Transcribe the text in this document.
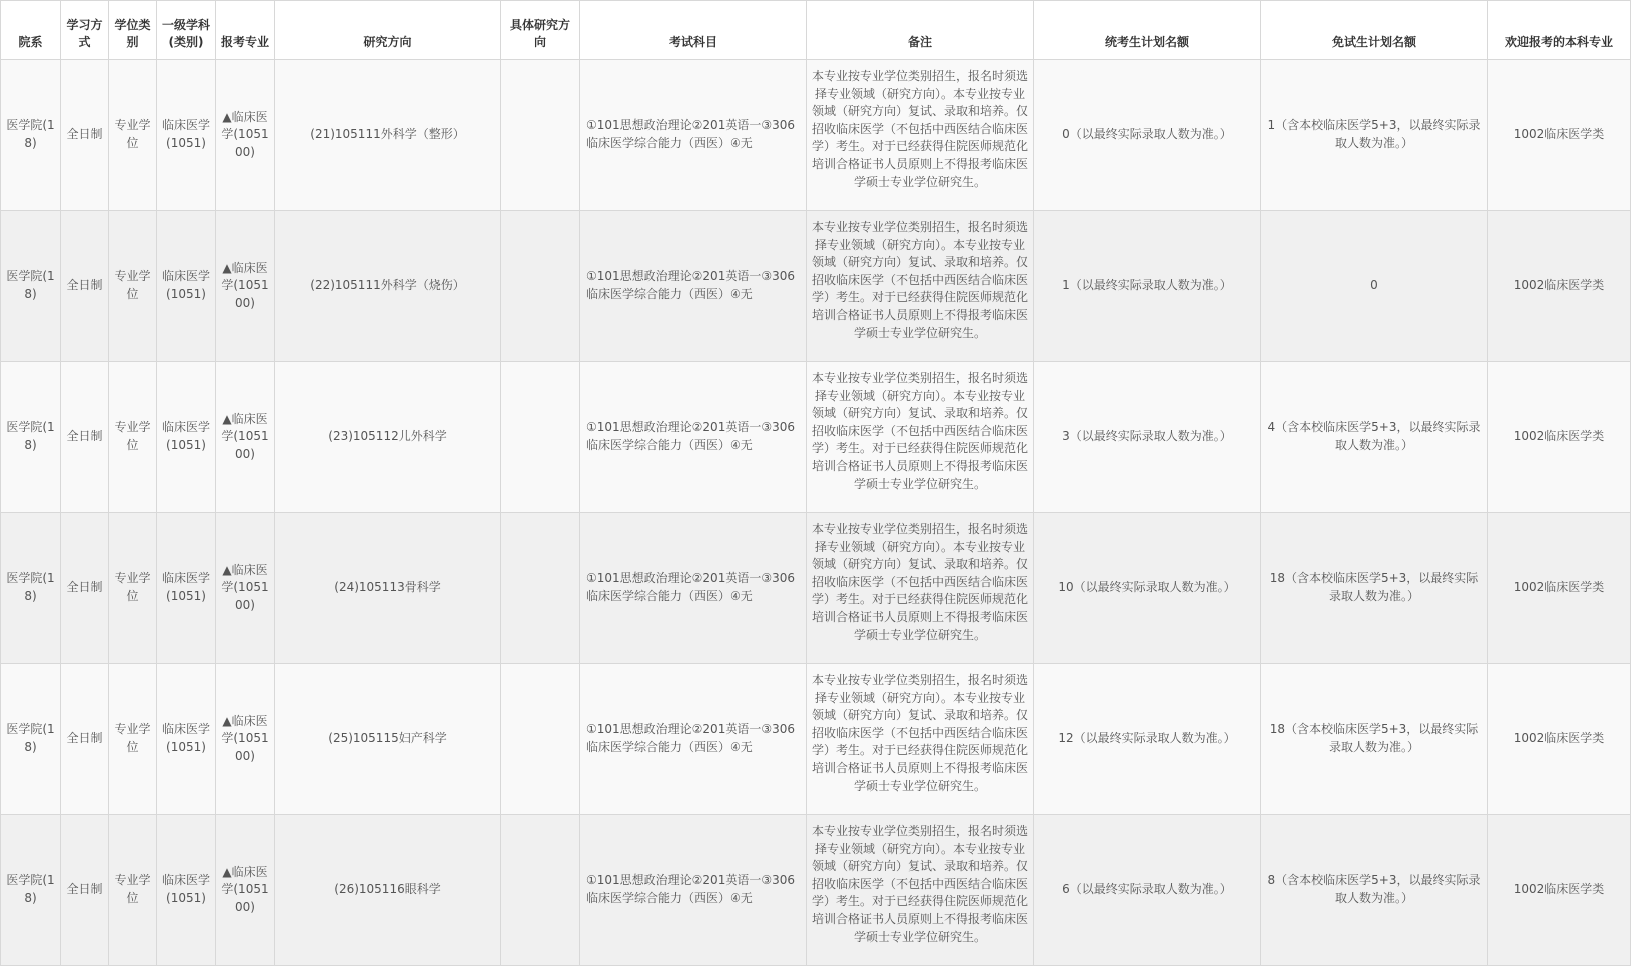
院系	学习方式	学位类别	一级学科(类别)	报考专业	研究方向	具体研究方向	考试科目	备注	统考生计划名额	免试生计划名额	欢迎报考的本科专业
医学院(18)	全日制	专业学位	临床医学(1051)	▲临床医学(105100)	(21)105111外科学（整形）		①101思想政治理论②201英语一③306临床医学综合能力（西医）④无	本专业按专业学位类别招生，报名时须选择专业领域（研究方向）。本专业按专业领域（研究方向）复试、录取和培养。仅招收临床医学（不包括中西医结合临床医学）考生。对于已经获得住院医师规范化培训合格证书人员原则上不得报考临床医学硕士专业学位研究生。	0（以最终实际录取人数为准。）	1（含本校临床医学5+3，以最终实际录取人数为准。）	1002临床医学类
医学院(18)	全日制	专业学位	临床医学(1051)	▲临床医学(105100)	(22)105111外科学（烧伤）		①101思想政治理论②201英语一③306临床医学综合能力（西医）④无	本专业按专业学位类别招生，报名时须选择专业领域（研究方向）。本专业按专业领域（研究方向）复试、录取和培养。仅招收临床医学（不包括中西医结合临床医学）考生。对于已经获得住院医师规范化培训合格证书人员原则上不得报考临床医学硕士专业学位研究生。	1（以最终实际录取人数为准。）	0	1002临床医学类
医学院(18)	全日制	专业学位	临床医学(1051)	▲临床医学(105100)	(23)105112儿外科学		①101思想政治理论②201英语一③306临床医学综合能力（西医）④无	本专业按专业学位类别招生，报名时须选择专业领域（研究方向）。本专业按专业领域（研究方向）复试、录取和培养。仅招收临床医学（不包括中西医结合临床医学）考生。对于已经获得住院医师规范化培训合格证书人员原则上不得报考临床医学硕士专业学位研究生。	3（以最终实际录取人数为准。）	4（含本校临床医学5+3，以最终实际录取人数为准。）	1002临床医学类
医学院(18)	全日制	专业学位	临床医学(1051)	▲临床医学(105100)	(24)105113骨科学		①101思想政治理论②201英语一③306临床医学综合能力（西医）④无	本专业按专业学位类别招生，报名时须选择专业领域（研究方向）。本专业按专业领域（研究方向）复试、录取和培养。仅招收临床医学（不包括中西医结合临床医学）考生。对于已经获得住院医师规范化培训合格证书人员原则上不得报考临床医学硕士专业学位研究生。	10（以最终实际录取人数为准。）	18（含本校临床医学5+3，以最终实际录取人数为准。）	1002临床医学类
医学院(18)	全日制	专业学位	临床医学(1051)	▲临床医学(105100)	(25)105115妇产科学		①101思想政治理论②201英语一③306临床医学综合能力（西医）④无	本专业按专业学位类别招生，报名时须选择专业领域（研究方向）。本专业按专业领域（研究方向）复试、录取和培养。仅招收临床医学（不包括中西医结合临床医学）考生。对于已经获得住院医师规范化培训合格证书人员原则上不得报考临床医学硕士专业学位研究生。	12（以最终实际录取人数为准。）	18（含本校临床医学5+3，以最终实际录取人数为准。）	1002临床医学类
医学院(18)	全日制	专业学位	临床医学(1051)	▲临床医学(105100)	(26)105116眼科学		①101思想政治理论②201英语一③306临床医学综合能力（西医）④无	本专业按专业学位类别招生，报名时须选择专业领域（研究方向）。本专业按专业领域（研究方向）复试、录取和培养。仅招收临床医学（不包括中西医结合临床医学）考生。对于已经获得住院医师规范化培训合格证书人员原则上不得报考临床医学硕士专业学位研究生。	6（以最终实际录取人数为准。）	8（含本校临床医学5+3，以最终实际录取人数为准。）	1002临床医学类
